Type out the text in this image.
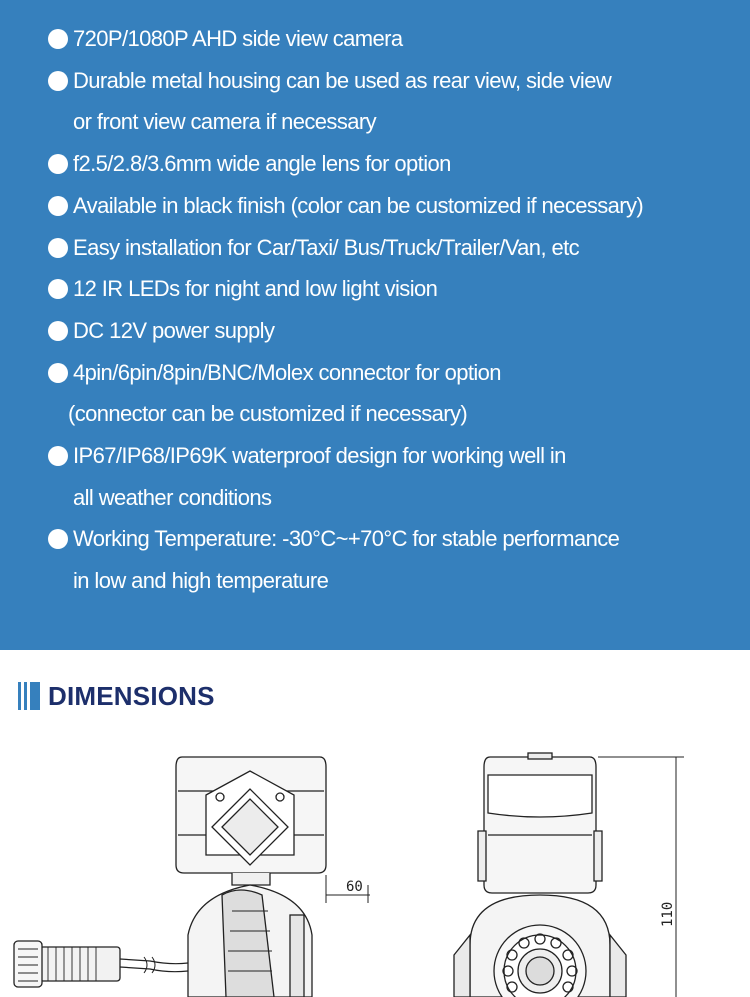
720P/1080P AHD side view camera
Durable metal housing can be used as rear view, side view
or front view camera if necessary
f2.5/2.8/3.6mm wide angle lens for option
Available in black finish (color can be customized if necessary)
Easy installation for Car/Taxi/ Bus/Truck/Trailer/Van, etc
12 IR LEDs for night and low light vision
DC 12V power supply
4pin/6pin/8pin/BNC/Molex connector for option
(connector can be customized if necessary)
IP67/IP68/IP69K waterproof design for working well in
all weather conditions
Working Temperature: -30°C~+70°C for stable performance
in low and high temperature
DIMENSIONS
60
110
